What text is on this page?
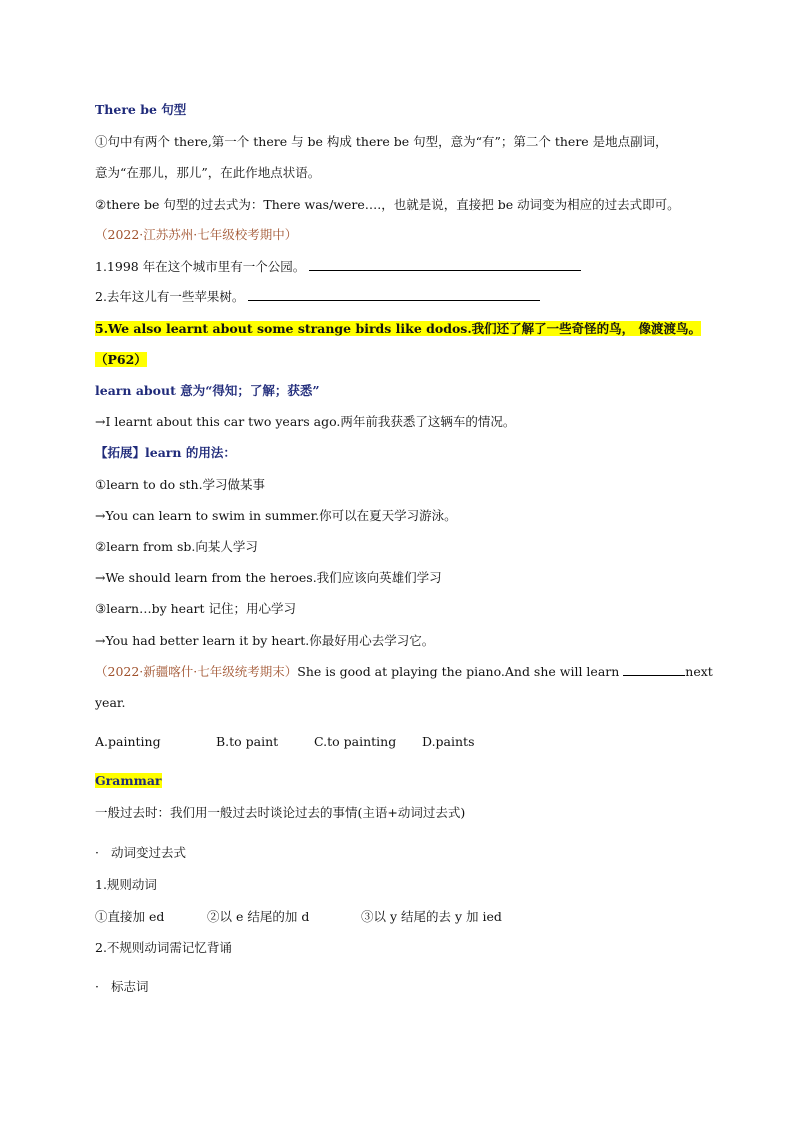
There be 句型
①句中有两个 there,第一个 there 与 be 构成 there be 句型，意为“有”；第二个 there 是地点副词，
意为“在那儿，那儿”，在此作地点状语。
②there be 句型的过去式为：There was/were….，也就是说，直接把 be 动词变为相应的过去式即可。
（2022·江苏苏州·七年级校考期中）
1.1998 年在这个城市里有一个公园。
2.去年这儿有一些苹果树。
5.We also learnt about some strange birds like dodos.我们还了解了一些奇怪的鸟， 像渡渡鸟。
（P62）
learn about 意为“得知；了解；获悉”
→I learnt about this car two years ago.两年前我获悉了这辆车的情况。
【拓展】learn 的用法：
①learn to do sth.学习做某事
→You can learn to swim in summer.你可以在夏天学习游泳。
②learn from sb.向某人学习
→We should learn from the heroes.我们应该向英雄们学习
③learn…by heart 记住；用心学习
→You had better learn it by heart.你最好用心去学习它。
（2022·新疆喀什·七年级统考期末）She is good at playing the piano.And she will learn	next
year.
A.painting	B.to paint	C.to painting D.paints
Grammar
一般过去时：我们用一般过去时谈论过去的事情(主语+动词过去式)
· 动词变过去式
1.规则动词
①直接加 ed	②以 e 结尾的加 d	③以 y 结尾的去 y 加 ied
2.不规则动词需记忆背诵
· 标志词
